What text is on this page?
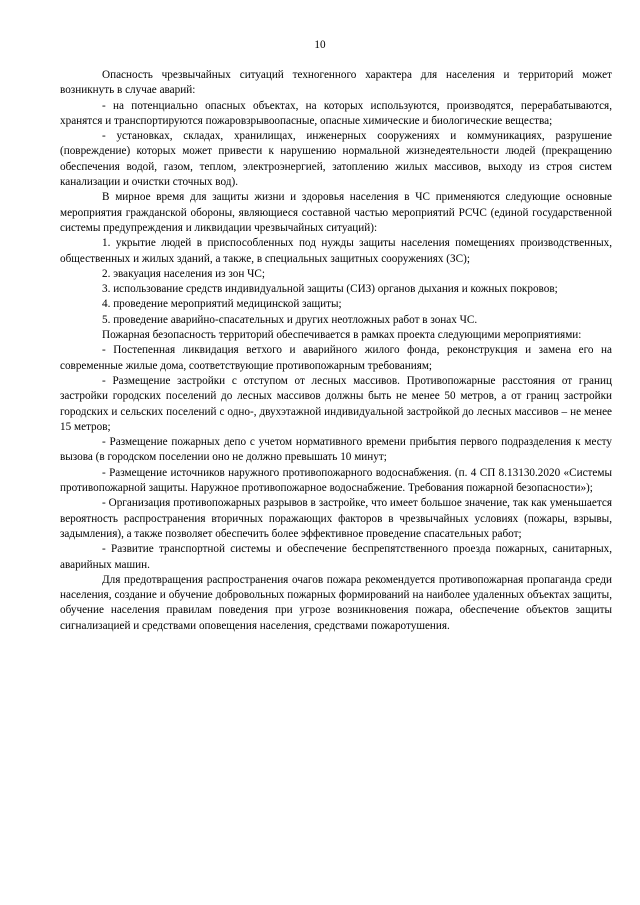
10

Опасность чрезвычайных ситуаций техногенного характера для населения и территорий может возникнуть в случае аварий:

- на потенциально опасных объектах, на которых используются, производятся, перерабатываются, хранятся и транспортируются пожаровзрывоопасные, опасные химические и биологические вещества;

- установках, складах, хранилищах, инженерных сооружениях и коммуникациях, разрушение (повреждение) которых может привести к нарушению нормальной жизнедеятельности людей (прекращению обеспечения водой, газом, теплом, электроэнергией, затоплению жилых массивов, выходу из строя систем канализации и очистки сточных вод).

В мирное время для защиты жизни и здоровья населения в ЧС применяются следующие основные мероприятия гражданской обороны, являющиеся составной частью мероприятий РСЧС (единой государственной системы предупреждения и ликвидации чрезвычайных ситуаций):

1. укрытие людей в приспособленных под нужды защиты населения помещениях производственных, общественных и жилых зданий, а также, в специальных защитных сооружениях (ЗС);

2. эвакуация населения из зон ЧС;

3. использование средств индивидуальной защиты (СИЗ) органов дыхания и кожных покровов;

4. проведение мероприятий медицинской защиты;

5. проведение аварийно-спасательных и других неотложных работ в зонах ЧС.

Пожарная безопасность территорий обеспечивается в рамках проекта следующими мероприятиями:

- Постепенная ликвидация ветхого и аварийного жилого фонда, реконструкция и замена его на современные жилые дома, соответствующие противопожарным требованиям;

- Размещение застройки с отступом от лесных массивов. Противопожарные расстояния от границ застройки городских поселений до лесных массивов должны быть не менее 50 метров, а от границ застройки городских и сельских поселений с одно-, двухэтажной индивидуальной застройкой до лесных массивов – не менее 15 метров;

- Размещение пожарных депо с учетом нормативного времени прибытия первого подразделения к месту вызова (в городском поселении оно не должно превышать 10 минут;

- Размещение источников наружного противопожарного водоснабжения. (п. 4 СП 8.13130.2020 «Системы противопожарной защиты. Наружное противопожарное водоснабжение. Требования пожарной безопасности»);

- Организация противопожарных разрывов в застройке, что имеет большое значение, так как уменьшается вероятность распространения вторичных поражающих факторов в чрезвычайных условиях (пожары, взрывы, задымления), а также позволяет обеспечить более эффективное проведение спасательных работ;

- Развитие транспортной системы и обеспечение беспрепятственного проезда пожарных, санитарных, аварийных машин.

Для предотвращения распространения очагов пожара рекомендуется противопожарная пропаганда среди населения, создание и обучение добровольных пожарных формирований на наиболее удаленных объектах защиты, обучение населения правилам поведения при угрозе возникновения пожара, обеспечение объектов защиты сигнализацией и средствами оповещения населения, средствами пожаротушения.
